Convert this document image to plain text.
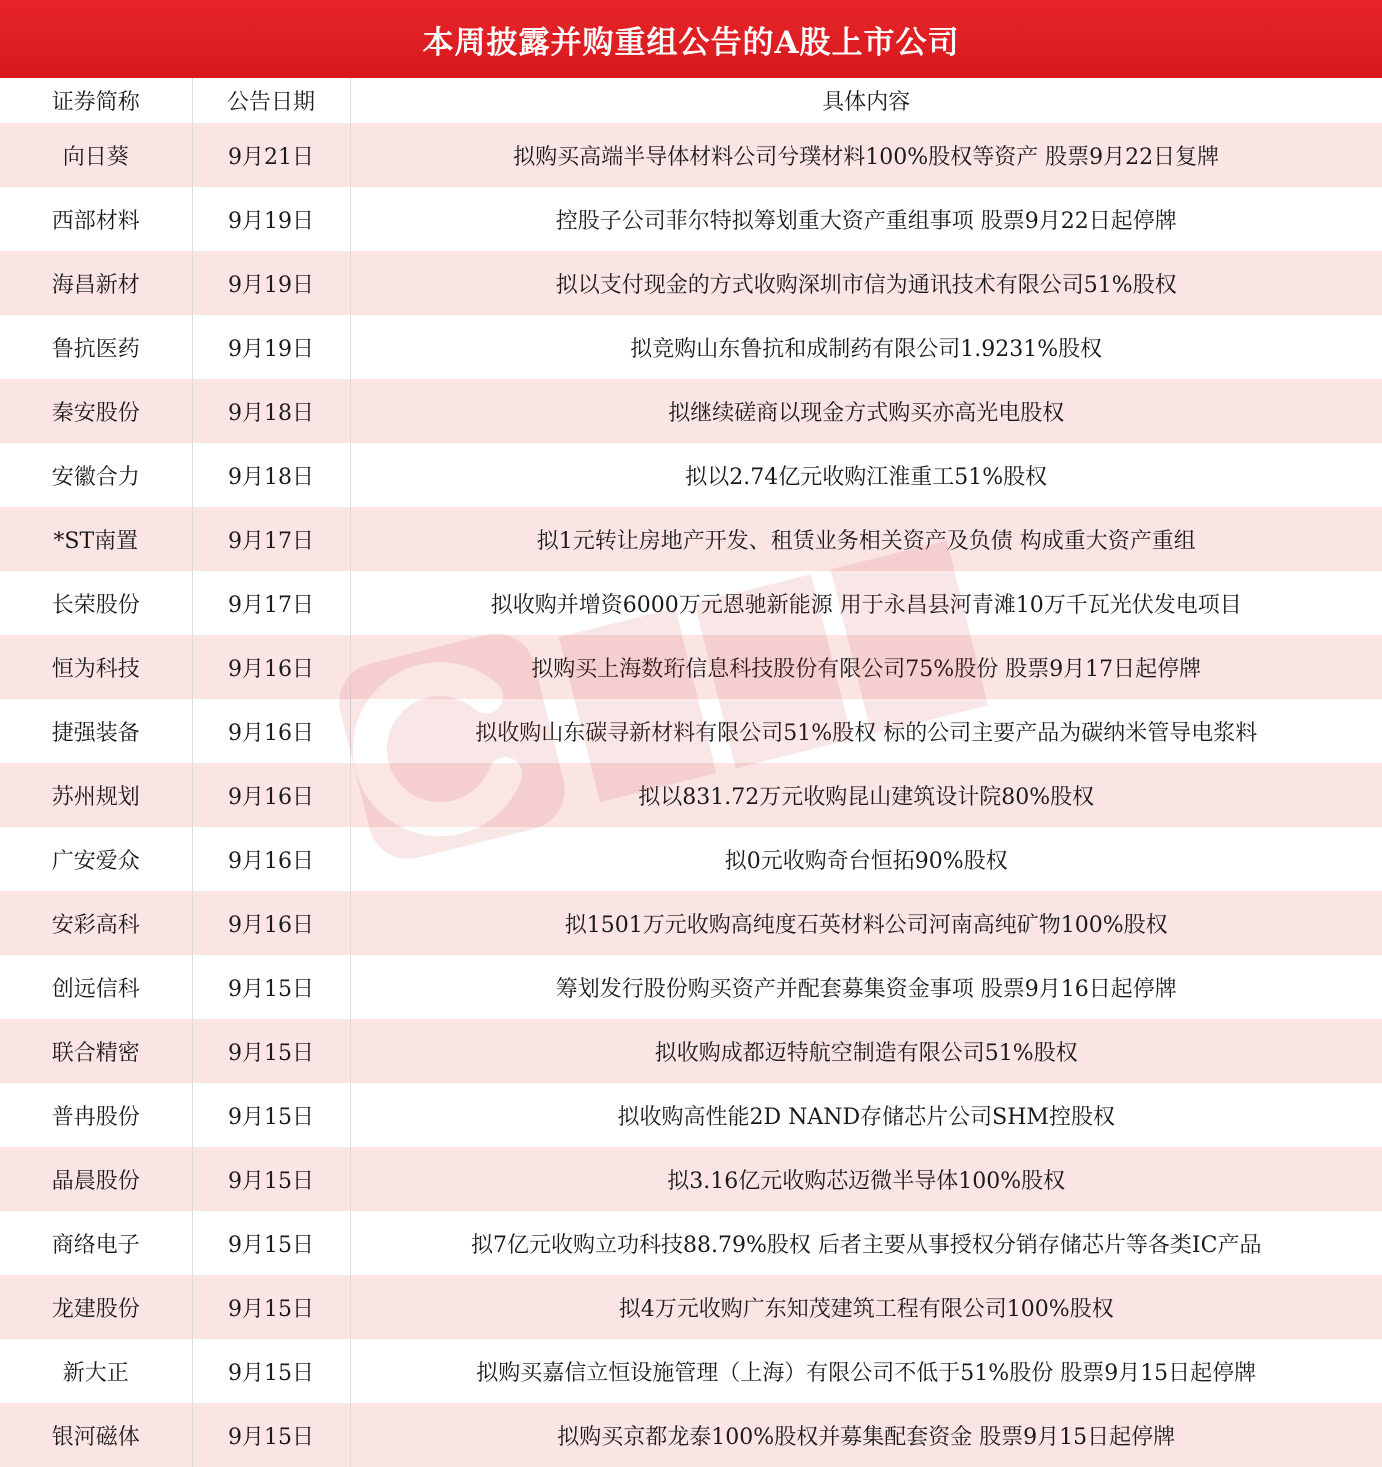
本周披露并购重组公告的A股上市公司
证券简称	公告日期	具体内容
向日葵	9月21日	拟购买高端半导体材料公司兮璞材料100%股权等资产 股票9月22日复牌
西部材料	9月19日	控股子公司菲尔特拟筹划重大资产重组事项 股票9月22日起停牌
海昌新材	9月19日	拟以支付现金的方式收购深圳市信为通讯技术有限公司51%股权
鲁抗医药	9月19日	拟竞购山东鲁抗和成制药有限公司1.9231%股权
秦安股份	9月18日	拟继续磋商以现金方式购买亦高光电股权
安徽合力	9月18日	拟以2.74亿元收购江淮重工51%股权
*ST南置	9月17日	拟1元转让房地产开发、租赁业务相关资产及负债 构成重大资产重组
长荣股份	9月17日	拟收购并增资6000万元恩驰新能源 用于永昌县河青滩10万千瓦光伏发电项目
恒为科技	9月16日	拟购买上海数珩信息科技股份有限公司75%股份 股票9月17日起停牌
捷强装备	9月16日	拟收购山东碳寻新材料有限公司51%股权 标的公司主要产品为碳纳米管导电浆料
苏州规划	9月16日	拟以831.72万元收购昆山建筑设计院80%股权
广安爱众	9月16日	拟0元收购奇台恒拓90%股权
安彩高科	9月16日	拟1501万元收购高纯度石英材料公司河南高纯矿物100%股权
创远信科	9月15日	筹划发行股份购买资产并配套募集资金事项 股票9月16日起停牌
联合精密	9月15日	拟收购成都迈特航空制造有限公司51%股权
普冉股份	9月15日	拟收购高性能2D NAND存储芯片公司SHM控股权
晶晨股份	9月15日	拟3.16亿元收购芯迈微半导体100%股权
商络电子	9月15日	拟7亿元收购立功科技88.79%股权 后者主要从事授权分销存储芯片等各类IC产品
龙建股份	9月15日	拟4万元收购广东知茂建筑工程有限公司100%股权
新大正	9月15日	拟购买嘉信立恒设施管理（上海）有限公司不低于51%股份 股票9月15日起停牌
银河磁体	9月15日	拟购买京都龙泰100%股权并募集配套资金 股票9月15日起停牌
